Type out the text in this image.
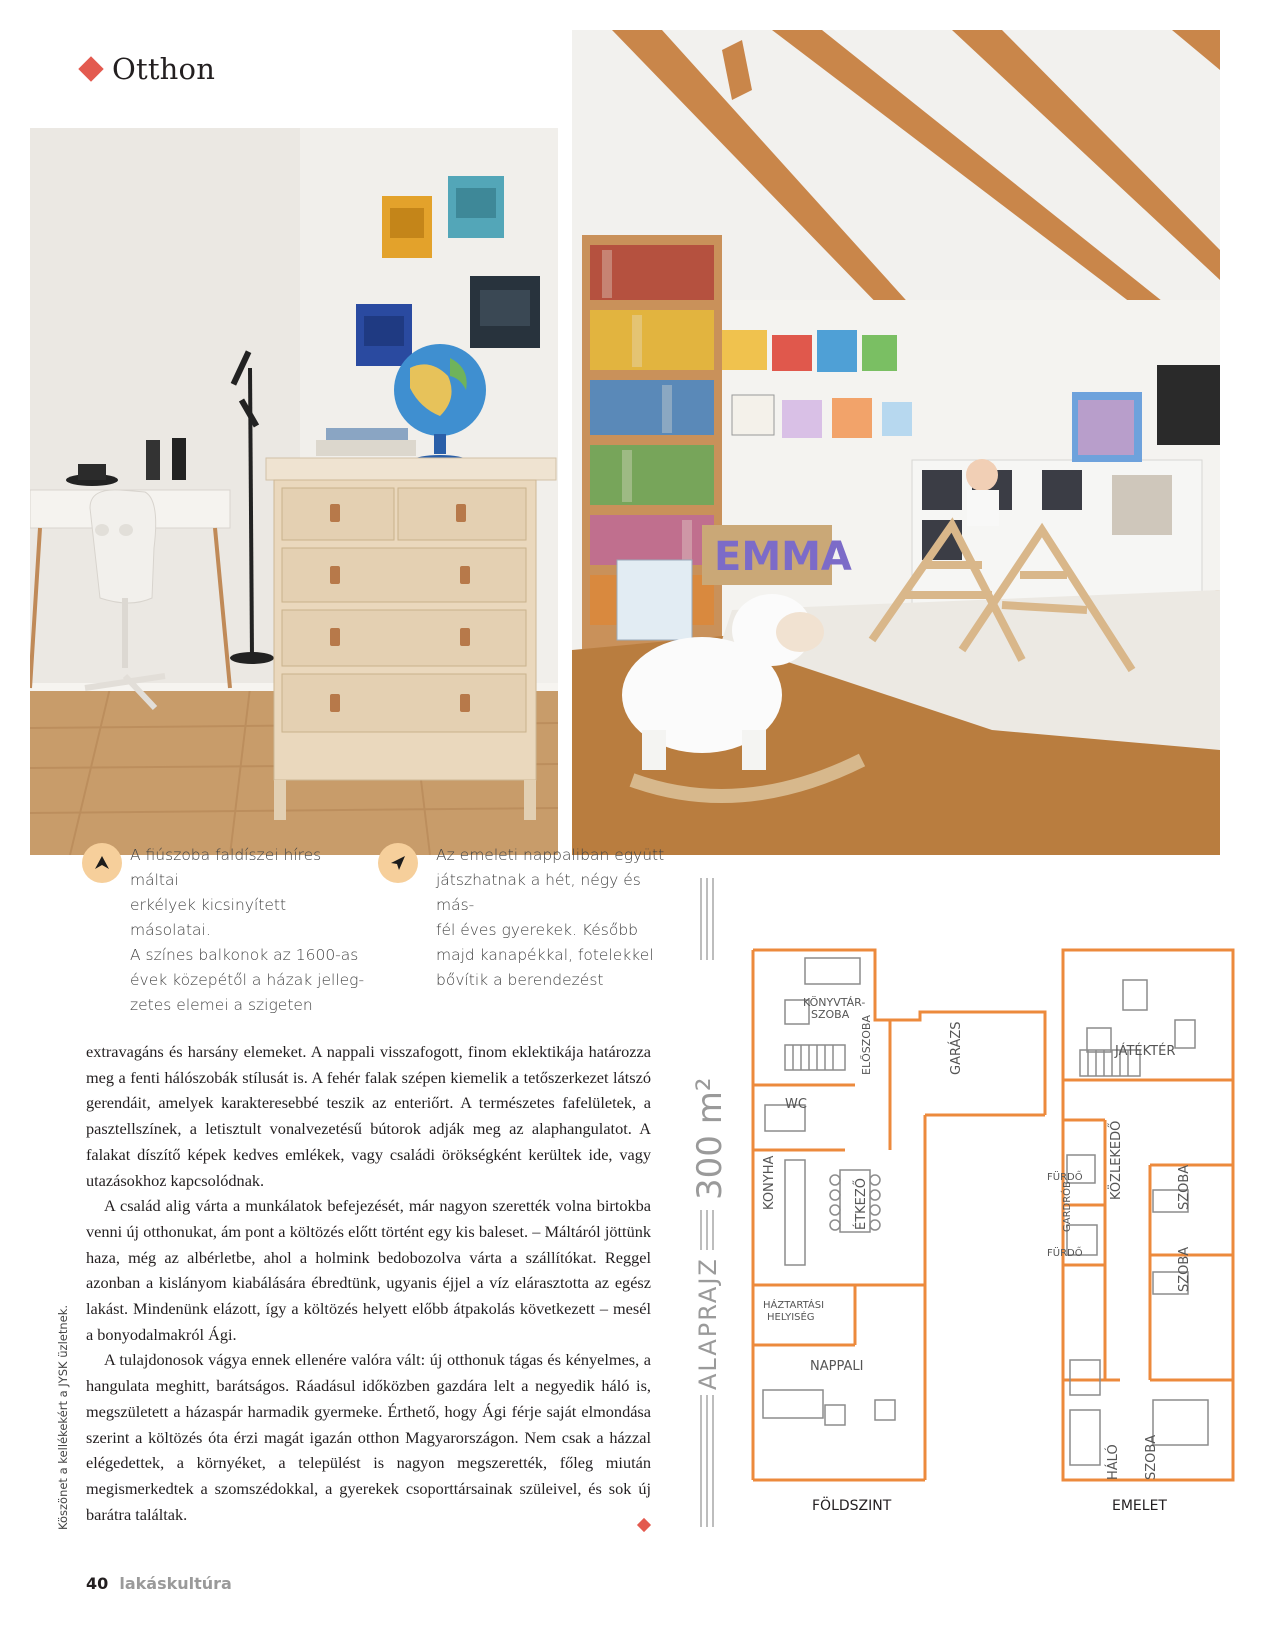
Otthon
EMMA
A fiúszoba faldíszei híres máltai
erkélyek kicsinyített másolatai.
A színes balkonok az 1600-as
évek közepétől a házak jelleg-
zetes elemei a szigeten
Az emeleti nappaliban együtt
játszhatnak a hét, négy és más-
fél éves gyerekek. Később
majd kanapékkal, fotelekkel
bővítik a berendezést

extravagáns és harsány elemeket. A nappali visszafogott, finom eklektikája határozza meg a fenti hálószobák stílusát is. A fehér falak szépen kiemelik a tetőszerkezet látszó gerendáit, amelyek karakteresebbé teszik az enteriőrt. A természetes fafelületek, a pasztellszínek, a letisztult vonalvezetésű bútorok adják meg az alaphangulatot. A falakat díszítő képek kedves emlékek, vagy családi örökségként kerültek ide, vagy utazásokhoz kapcsolódnak.

A család alig várta a munkálatok befejezését, már nagyon szerették volna birtokba venni új otthonukat, ám pont a költözés előtt történt egy kis baleset. – Máltáról jöttünk haza, még az albérletbe, ahol a holmink bedobozolva várta a szállítókat. Reggel azonban a kislányom kiabálására ébredtünk, ugyanis éjjel a víz elárasztotta az egész lakást. Mindenünk elázott, így a költözés helyett előbb átpakolás következett – mesél a bonyodalmakról Ági.

A tulajdonosok vágya ennek ellenére valóra vált: új otthonuk tágas és kényelmes, a hangulata meghitt, barátságos. Ráadásul időközben gazdára lelt a negyedik háló is, megszületett a házaspár harmadik gyermeke. Érthető, hogy Ági férje saját elmondása szerint a költözés óta érzi magát igazán otthon Magyarországon. Nem csak a házzal elégedettek, a környéket, a települést is nagyon megszerették, főleg miután megismerkedtek a szomszédokkal, a gyerekek csoporttársainak szüleivel, és sok új barátra találtak.

Köszönet a kellékekért a JYSK üzletnek.
300 m²
ALAPRAJZ
KÖNYVTÁR-
SZOBA
ELŐSZOBA	GARÁZS
WC
KONYHA	ÉTKEZŐ
HÁZTARTÁSI
HELYISÉG
NAPPALI
JÁTÉKTÉR
FÜRDŐ KÖZLEKEDŐ	SZOBA
GARDRÓB
FÜRDŐ	SZOBA
HÁLÓ SZOBA
FÖLDSZINT	EMELET
40 lakáskultúra
